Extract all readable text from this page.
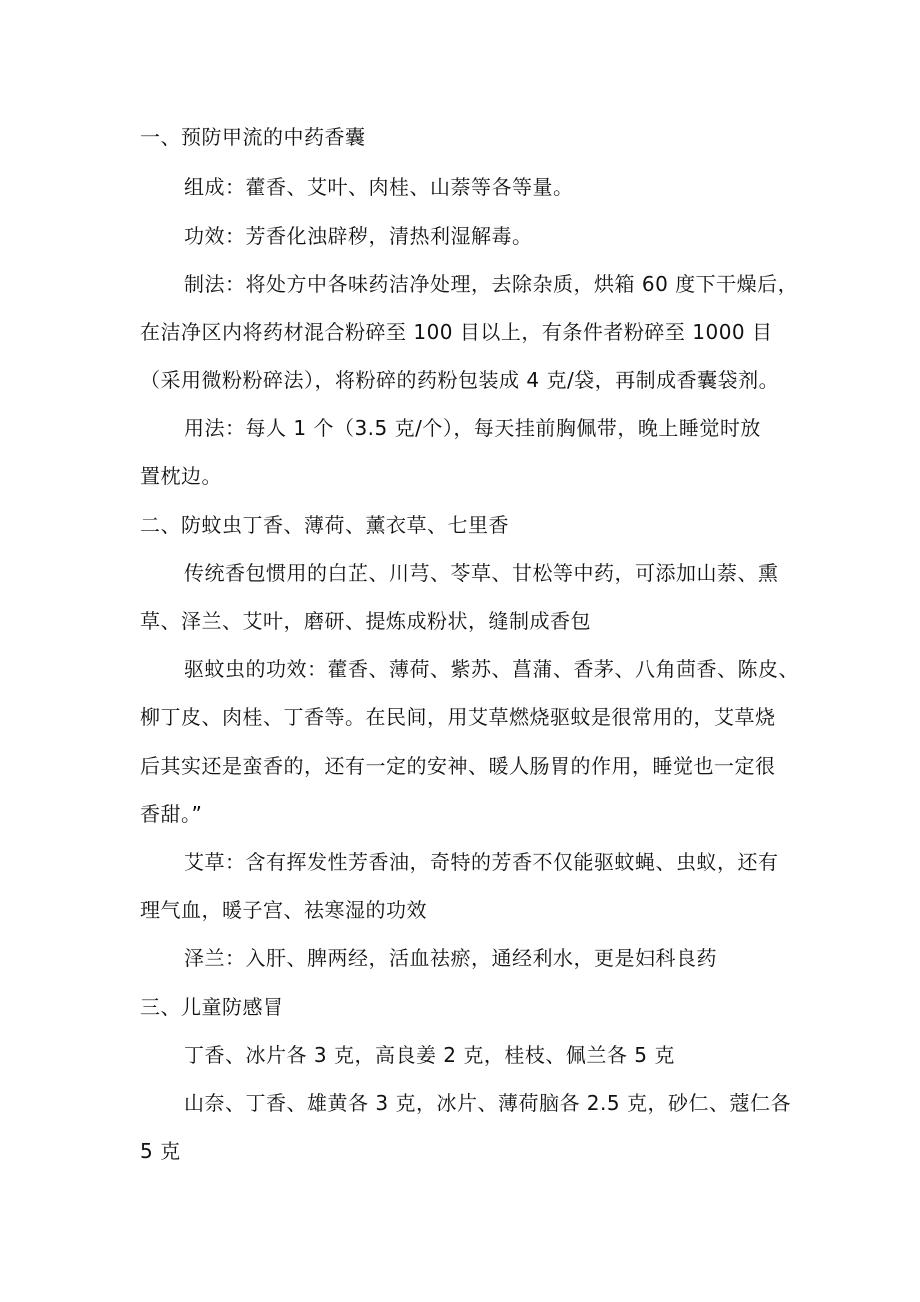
一、预防甲流的中药香囊

组成：藿香、艾叶、肉桂、山萘等各等量。

功效：芳香化浊辟秽，清热利湿解毒。

制法：将处方中各味药洁净处理，去除杂质，烘箱 60 度下干燥后，

在洁净区内将药材混合粉碎至 100 目以上，有条件者粉碎至 1000 目

（采用微粉粉碎法），将粉碎的药粉包装成 4 克/袋，再制成香囊袋剂。

用法：每人 1 个（3.5 克/个），每天挂前胸佩带，晚上睡觉时放

置枕边。

二、防蚊虫丁香、薄荷、薰衣草、七里香

传统香包惯用的白芷、川芎、苓草、甘松等中药，可添加山萘、熏

草、泽兰、艾叶，磨研、提炼成粉状，缝制成香包

驱蚊虫的功效：藿香、薄荷、紫苏、菖蒲、香茅、八角茴香、陈皮、

柳丁皮、肉桂、丁香等。在民间，用艾草燃烧驱蚊是很常用的，艾草烧

后其实还是蛮香的，还有一定的安神、暖人肠胃的作用，睡觉也一定很

香甜。”

艾草：含有挥发性芳香油，奇特的芳香不仅能驱蚊蝇、虫蚁，还有

理气血，暖子宫、祛寒湿的功效

泽兰：入肝、脾两经，活血祛瘀，通经利水，更是妇科良药

三、儿童防感冒

丁香、冰片各 3 克，高良姜 2 克，桂枝、佩兰各 5 克

山奈、丁香、雄黄各 3 克，冰片、薄荷脑各 2.5 克，砂仁、蔻仁各

5 克
